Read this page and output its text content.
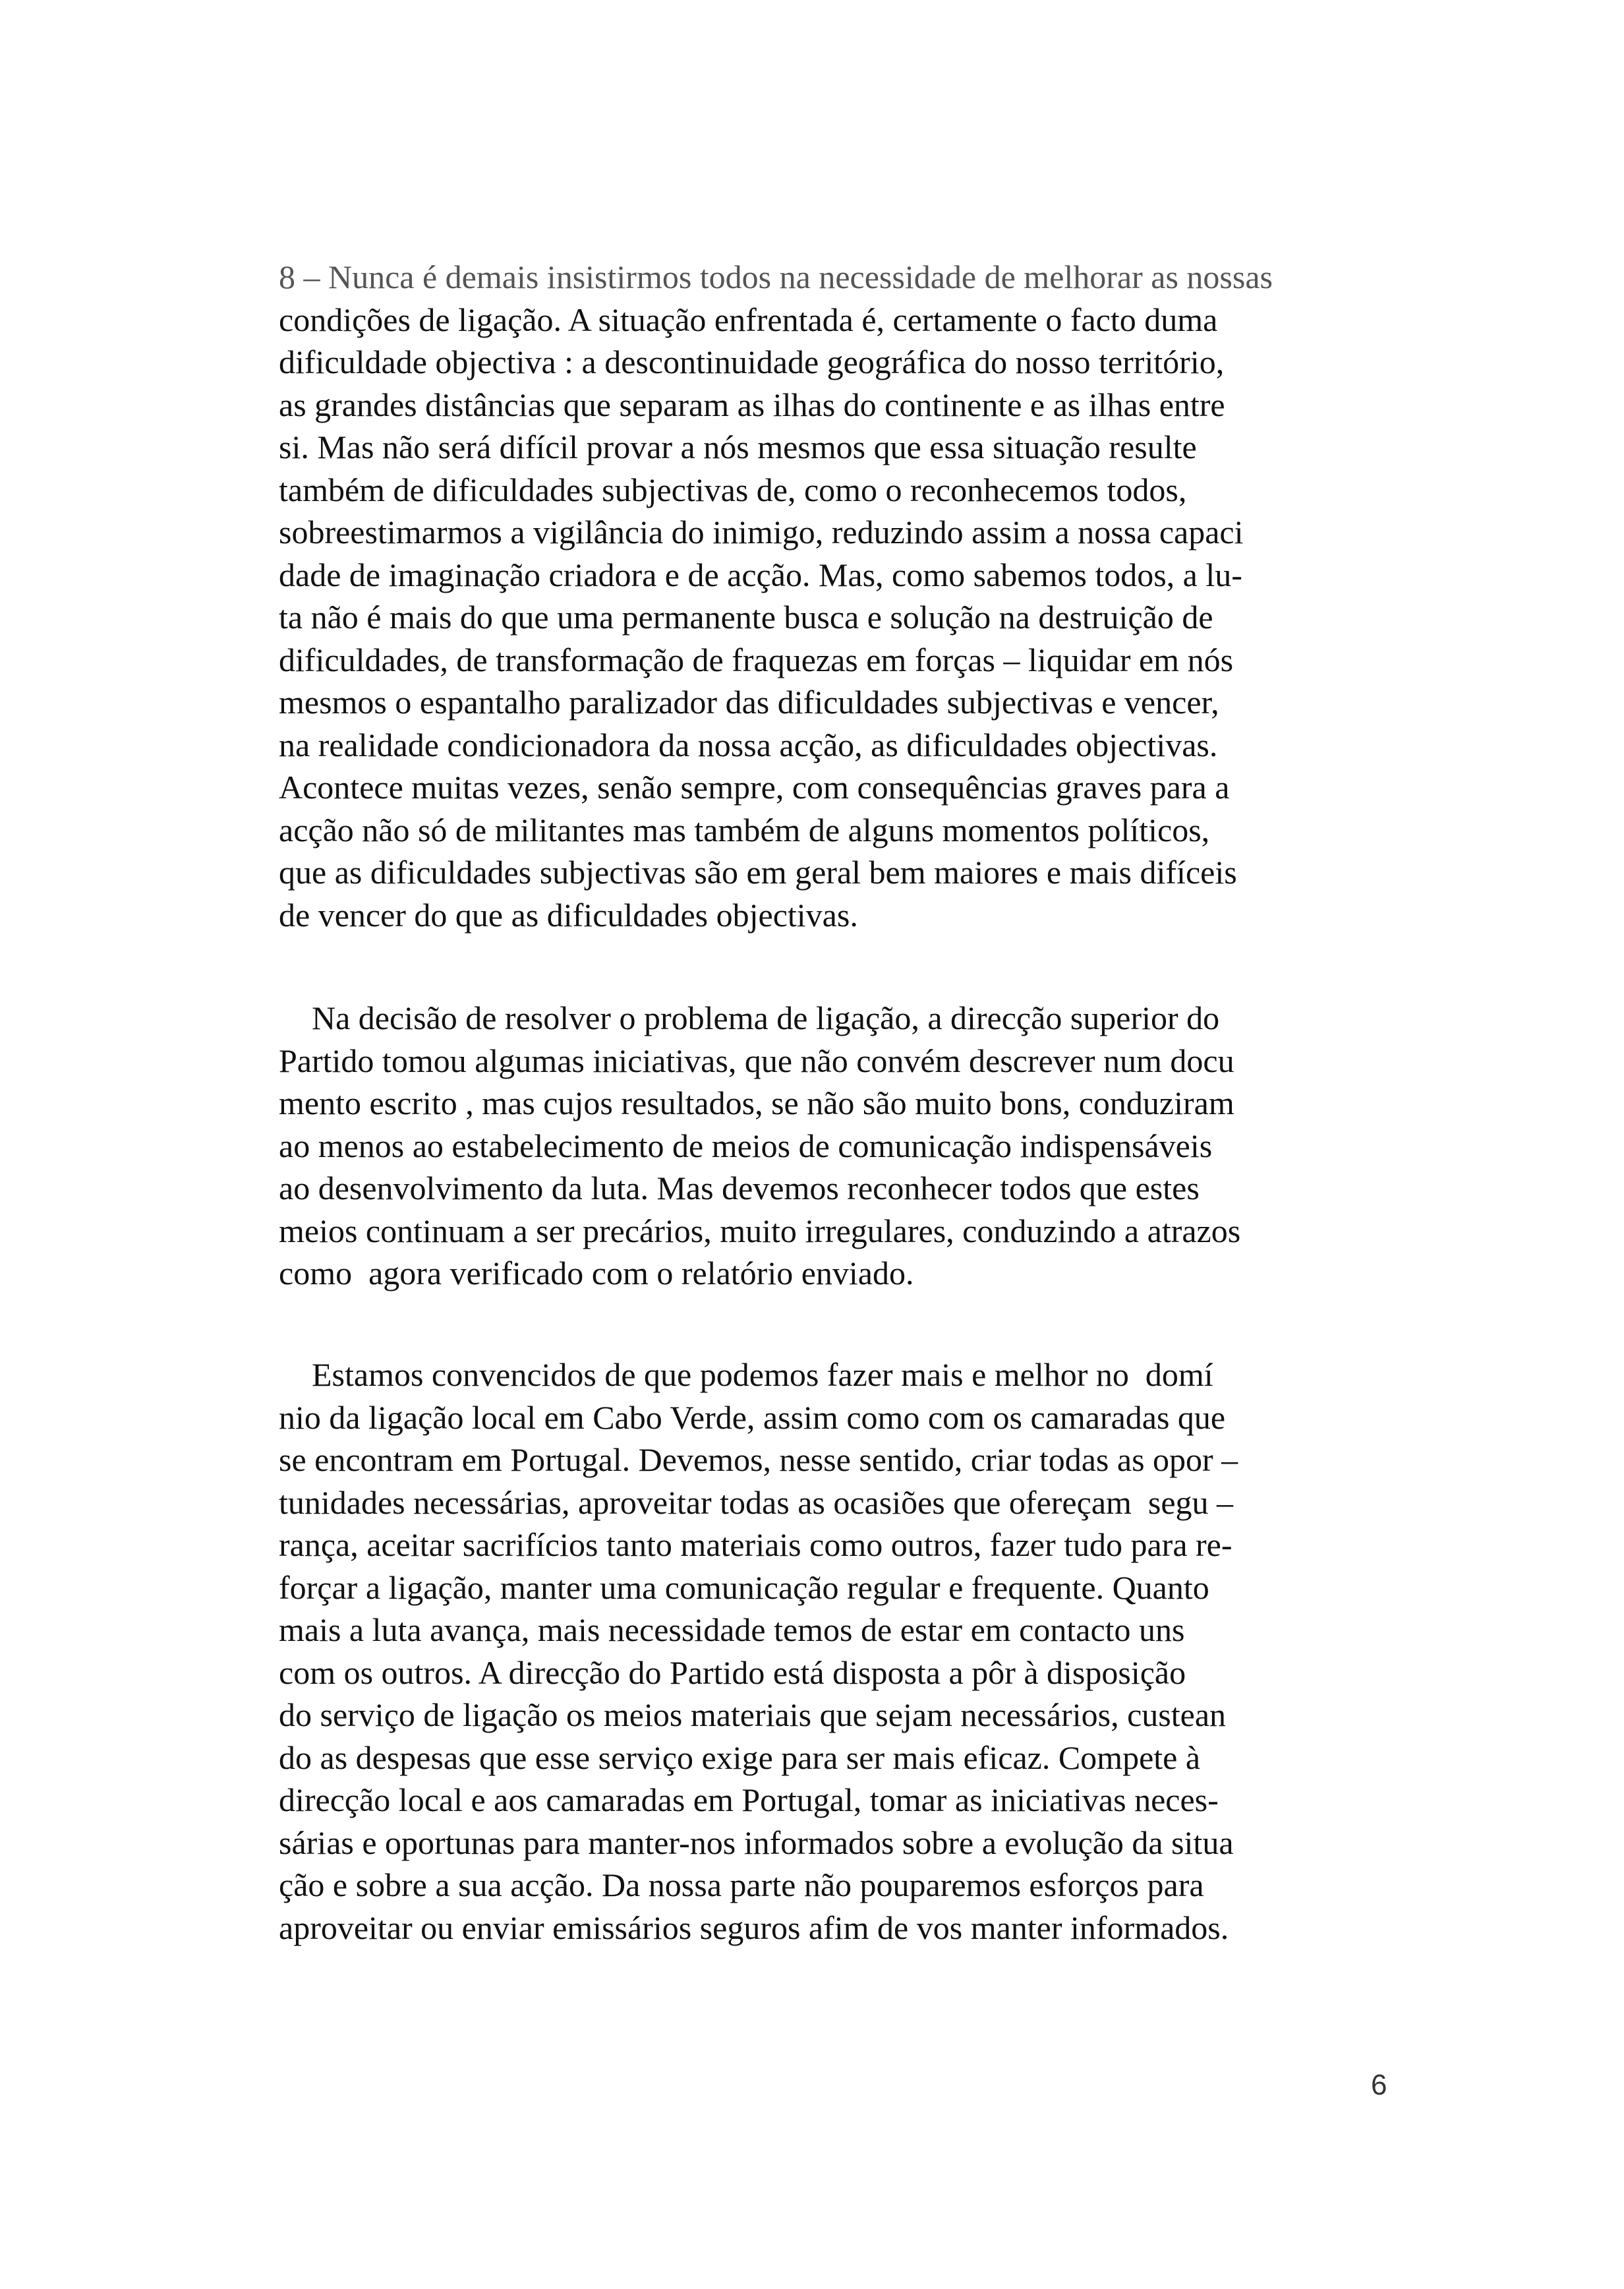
8 – Nunca é demais insistirmos todos na necessidade de melhorar as nossas
condições de ligação. A situação enfrentada é, certamente o facto duma
dificuldade objectiva : a descontinuidade geográfica do nosso território,
as grandes distâncias que separam as ilhas do continente e as ilhas entre
si. Mas não será difícil provar a nós mesmos que essa situação resulte
também de dificuldades subjectivas de, como o reconhecemos todos,
sobreestimarmos a vigilância do inimigo, reduzindo assim a nossa capaci
dade de imaginação criadora e de acção. Mas, como sabemos todos, a lu-
ta não é mais do que uma permanente busca e solução na destruição de
dificuldades, de transformação de fraquezas em forças – liquidar em nós
mesmos o espantalho paralizador das dificuldades subjectivas e vencer,
na realidade condicionadora da nossa acção, as dificuldades objectivas.
Acontece muitas vezes, senão sempre, com consequências graves para a
acção não só de militantes mas também de alguns momentos políticos,
que as dificuldades subjectivas são em geral bem maiores e mais difíceis
de vencer do que as dificuldades objectivas.
Na decisão de resolver o problema de ligação, a direcção superior do
Partido tomou algumas iniciativas, que não convém descrever num docu
mento escrito , mas cujos resultados, se não são muito bons, conduziram
ao menos ao estabelecimento de meios de comunicação indispensáveis
ao desenvolvimento da luta. Mas devemos reconhecer todos que estes
meios continuam a ser precários, muito irregulares, conduzindo a atrazos
como  agora verificado com o relatório enviado.
Estamos convencidos de que podemos fazer mais e melhor no  domí
nio da ligação local em Cabo Verde, assim como com os camaradas que
se encontram em Portugal. Devemos, nesse sentido, criar todas as opor –
tunidades necessárias, aproveitar todas as ocasiões que ofereçam  segu –
rança, aceitar sacrifícios tanto materiais como outros, fazer tudo para re-
forçar a ligação, manter uma comunicação regular e frequente. Quanto
mais a luta avança, mais necessidade temos de estar em contacto uns
com os outros. A direcção do Partido está disposta a pôr à disposição
do serviço de ligação os meios materiais que sejam necessários, custean
do as despesas que esse serviço exige para ser mais eficaz. Compete à
direcção local e aos camaradas em Portugal, tomar as iniciativas neces-
sárias e oportunas para manter-nos informados sobre a evolução da situa
ção e sobre a sua acção. Da nossa parte não pouparemos esforços para
aproveitar ou enviar emissários seguros afim de vos manter informados.
6
